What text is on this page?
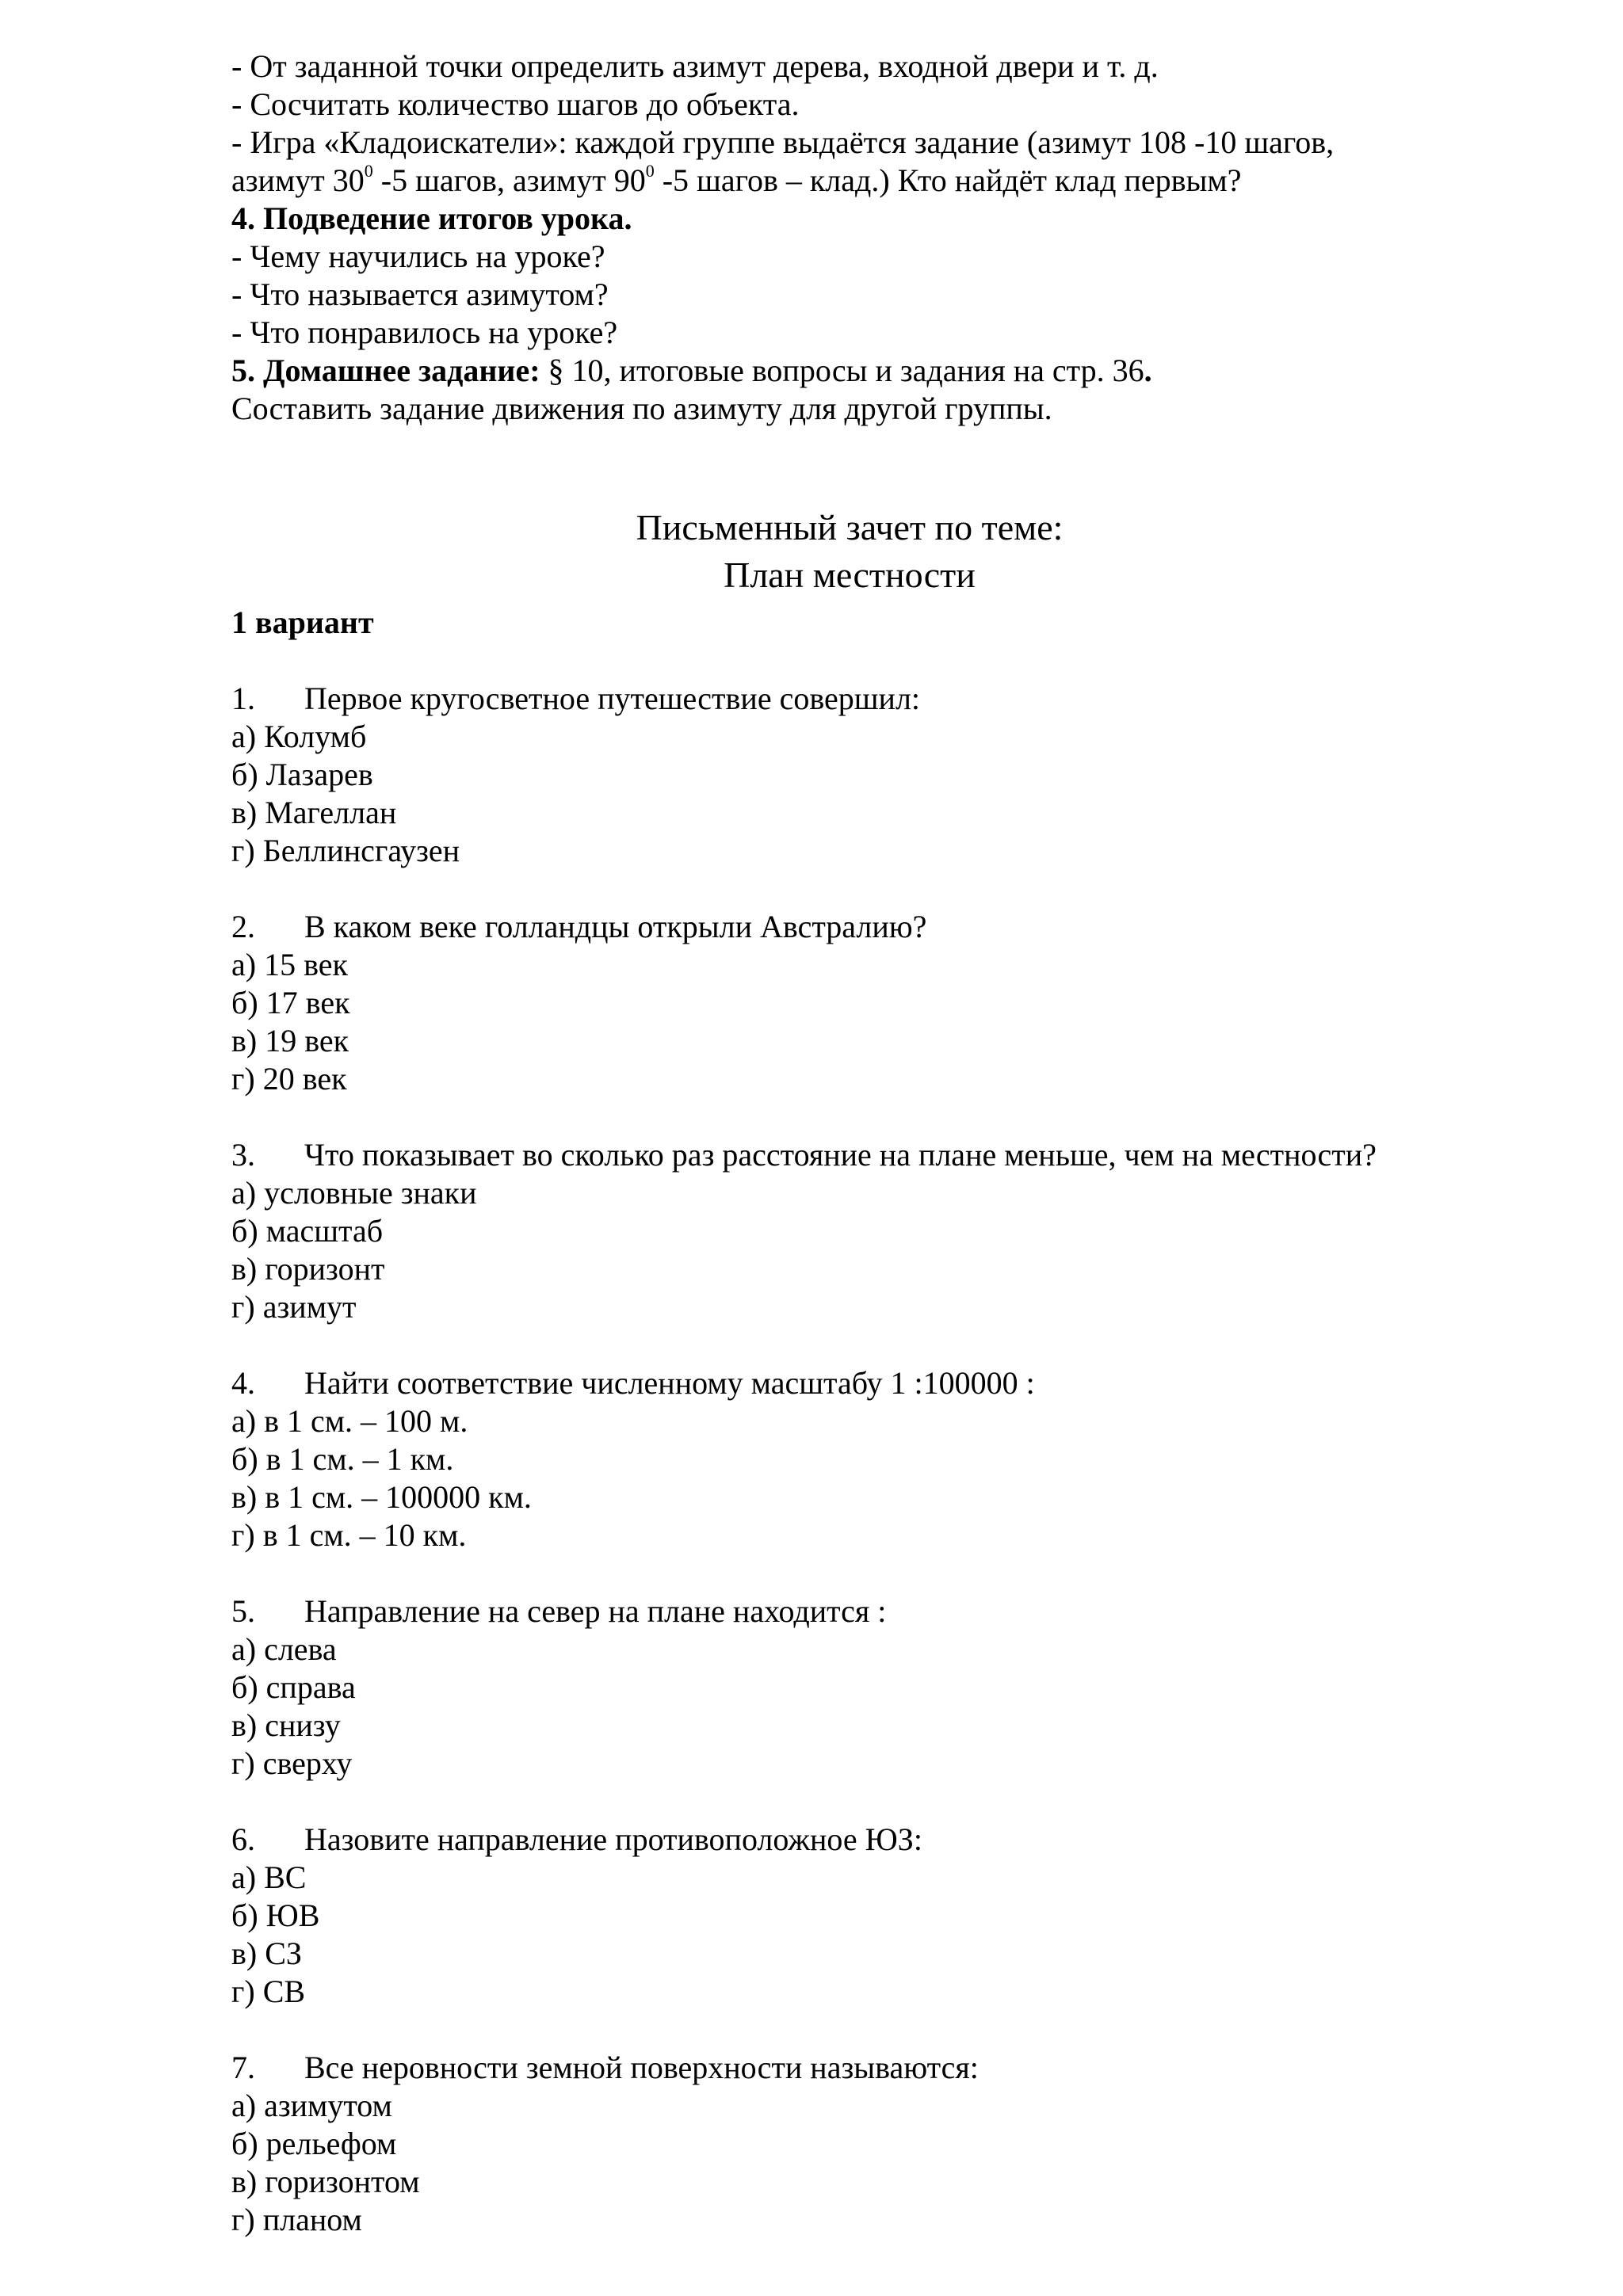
- От заданной точки определить азимут дерева, входной двери и т. д.
- Сосчитать количество шагов до объекта.
- Игра «Кладоискатели»: каждой группе выдаётся задание (азимут 108 -10 шагов,
азимут $30^0$ -5 шагов, азимут $90^0$ -5 шагов – клад.) Кто найдёт клад первым?
4. Подведение итогов урока.
- Чему научились на уроке?
- Что называется азимутом?
- Что понравилось на уроке?
5. Домашнее задание: § 10, итоговые вопросы и задания на стр. 36.
Составить задание движения по азимуту для другой группы.
Письменный зачет по теме:
План местности
1 вариант
1. Первое кругосветное путешествие совершил:
а) Колумб
б) Лазарев
в) Магеллан
г) Беллинсгаузен
2. В каком веке голландцы открыли Австралию?
а) 15 век
б) 17 век
в) 19 век
г) 20 век
3. Что показывает во сколько раз расстояние на плане меньше, чем на местности?
а) условные знаки
б) масштаб
в) горизонт
г) азимут
4. Найти соответствие численному масштабу 1 :100000 :
а) в 1 см. – 100 м.
б) в 1 см. – 1 км.
в) в 1 см. – 100000 км.
г) в 1 см. – 10 км.
5. Направление на север на плане находится :
а) слева
б) справа
в) снизу
г) сверху
6. Назовите направление противоположное ЮЗ:
а) ВС
б) ЮВ
в) СЗ
г) СВ
7. Все неровности земной поверхности называются:
а) азимутом
б) рельефом
в) горизонтом
г) планом
